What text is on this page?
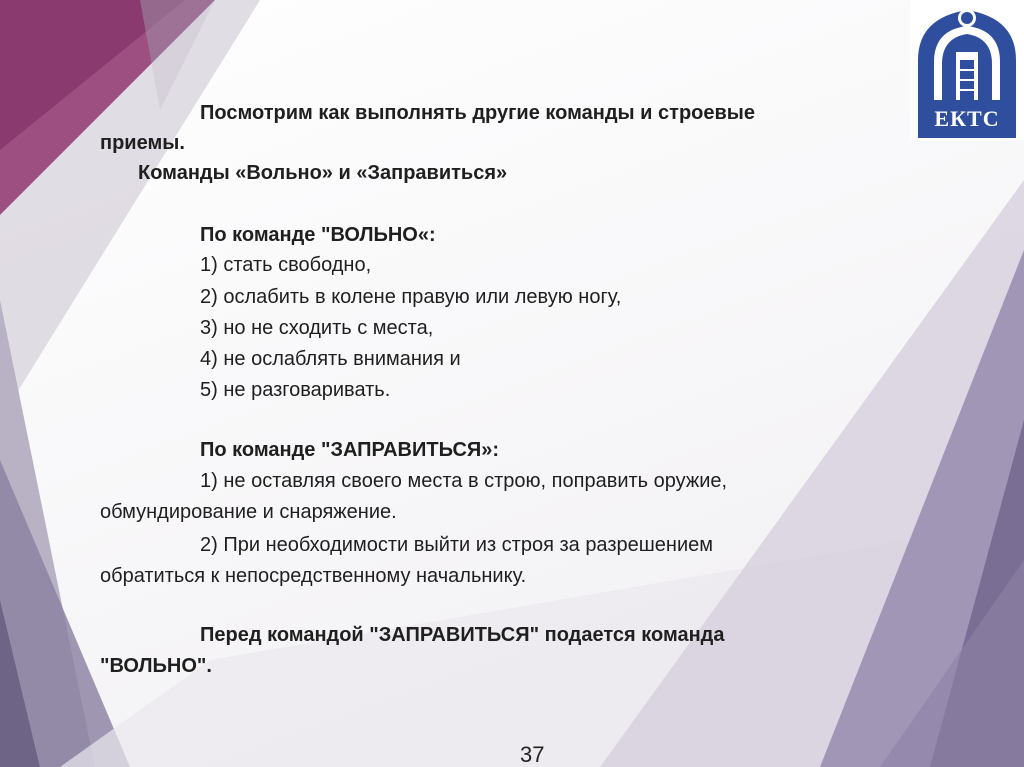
ЕКТС
Посмотрим как выполнять другие команды и строевые
приемы.
Команды «Вольно» и «Заправиться»
По команде "ВОЛЬНО«:
1) стать свободно,
2) ослабить в колене правую или левую ногу,
3) но не сходить с места,
4) не ослаблять внимания и
5) не разговаривать.
По команде "ЗАПРАВИТЬСЯ»:
1) не оставляя своего места в строю, поправить оружие,
обмундирование и снаряжение.
2) При необходимости выйти из строя за разрешением
обратиться к непосредственному начальнику.
Перед командой "ЗАПРАВИТЬСЯ" подается команда
"ВОЛЬНО".
37
